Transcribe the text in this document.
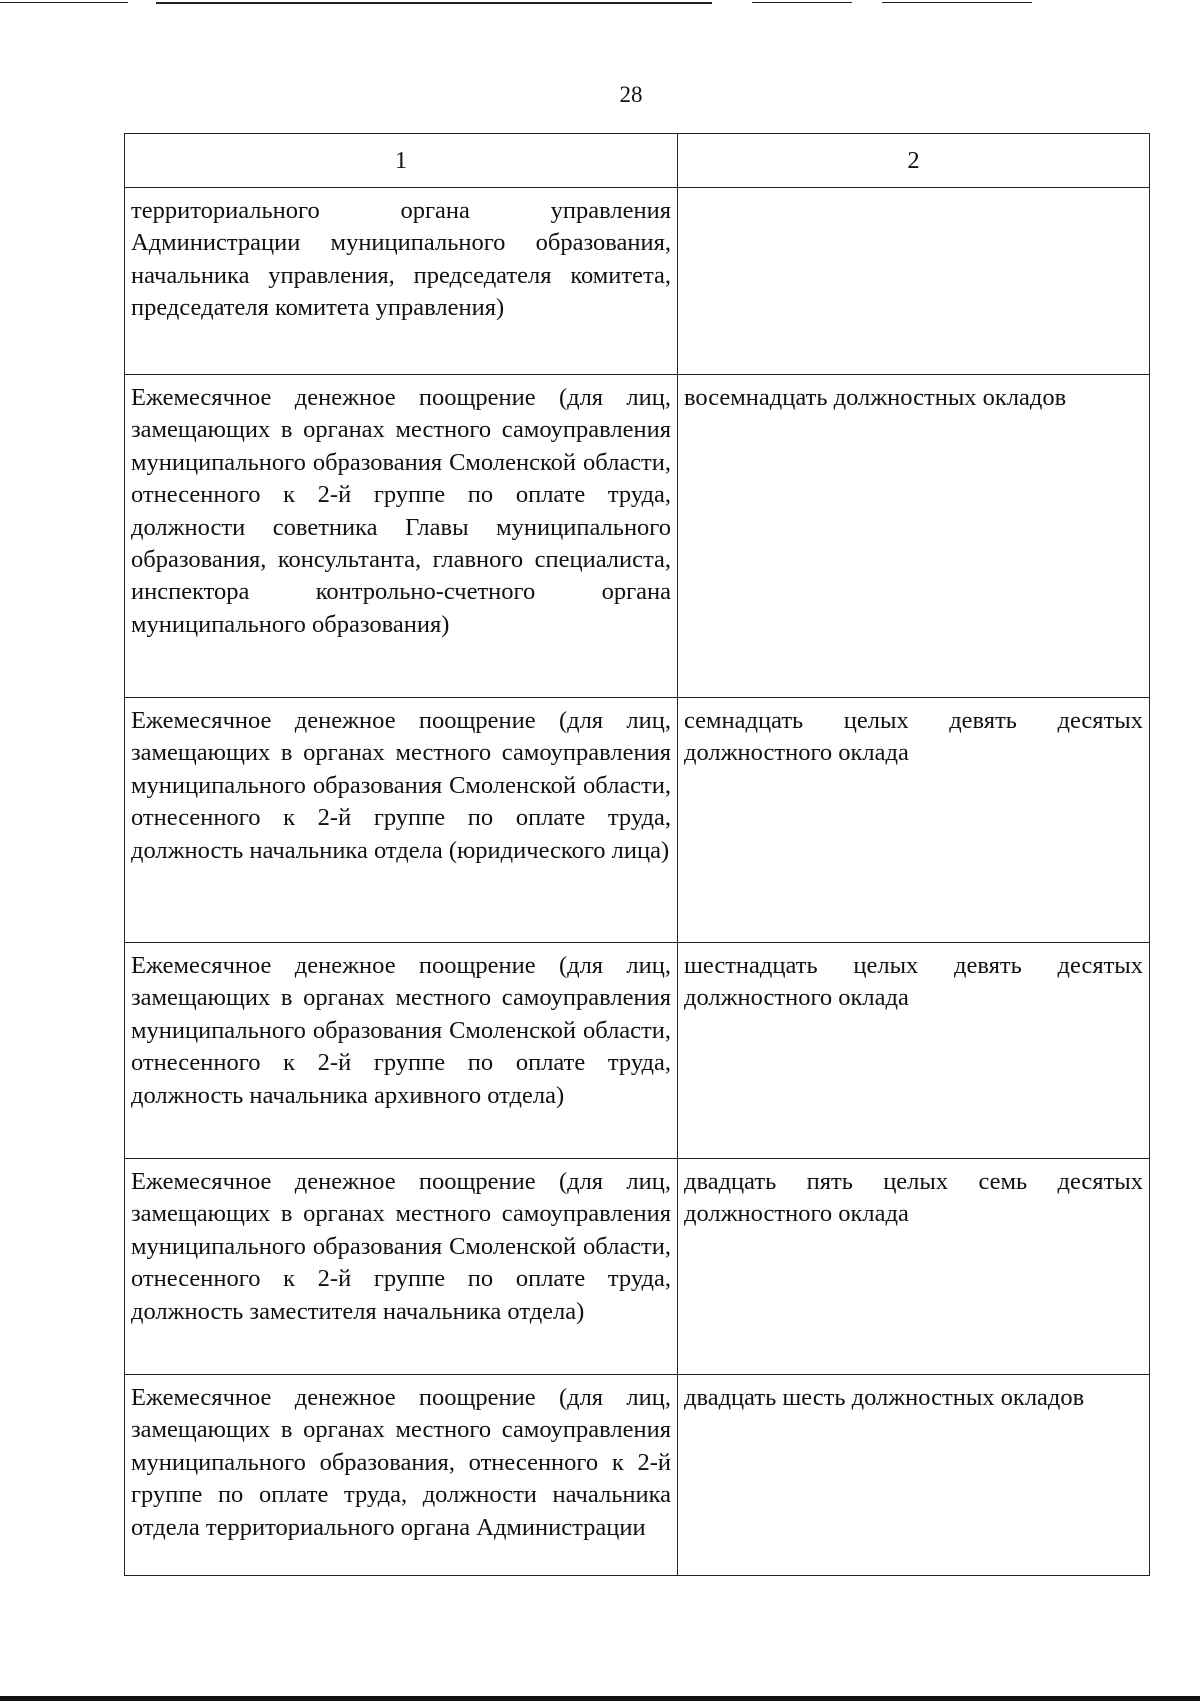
28
1	2
территориального органа управления Администрации муниципального образования, начальника управления, председателя комитета, председателя комитета управления)	
Ежемесячное денежное поощрение (для лиц, замещающих в органах местного самоуправления муниципального образования Смоленской области, отнесенного к 2-й группе по оплате труда, должности советника Главы муниципального образования, консультанта, главного специалиста, инспектора контрольно-счетного органа муниципального образования)	восемнадцать должностных окладов
Ежемесячное денежное поощрение (для лиц, замещающих в органах местного самоуправления муниципального образования Смоленской области, отнесенного к 2-й группе по оплате труда, должность начальника отдела (юридического лица)	семнадцать целых девять десятых должностного оклада
Ежемесячное денежное поощрение (для лиц, замещающих в органах местного самоуправления муниципального образования Смоленской области, отнесенного к 2-й группе по оплате труда, должность начальника архивного отдела)	шестнадцать целых девять десятых должностного оклада
Ежемесячное денежное поощрение (для лиц, замещающих в органах местного самоуправления муниципального образования Смоленской области, отнесенного к 2-й группе по оплате труда, должность заместителя начальника отдела)	двадцать пять целых семь десятых должностного оклада
Ежемесячное денежное поощрение (для лиц, замещающих в органах местного самоуправления муниципального образования, отнесенного к 2-й группе по оплате труда, должности начальника отдела территориального органа Администрации	двадцать шесть должностных окладов
